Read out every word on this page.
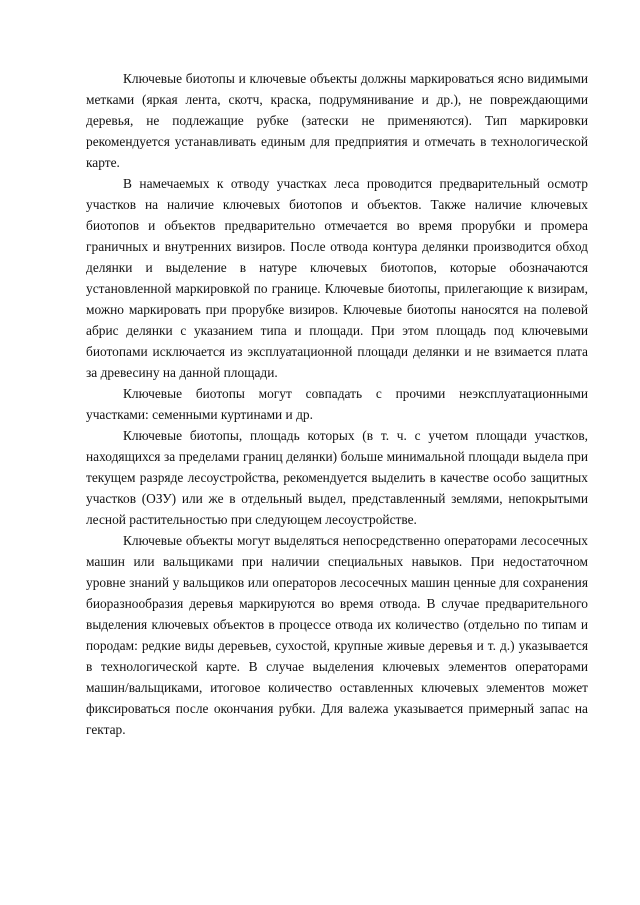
Ключевые биотопы и ключевые объекты должны маркироваться ясно видимыми метками (яркая лента, скотч, краска, подрумянивание и др.), не повреждающими деревья, не подлежащие рубке (затески не применяются). Тип маркировки рекомендуется устанавливать единым для предприятия и отмечать в технологической карте.

В намечаемых к отводу участках леса проводится предварительный осмотр участков на наличие ключевых биотопов и объектов. Также наличие ключевых биотопов и объектов предварительно отмечается во время прорубки и промера граничных и внутренних визиров. После отвода контура делянки производится обход делянки и выделение в натуре ключевых биотопов, которые обозначаются установленной маркировкой по границе. Ключевые биотопы, прилегающие к визирам, можно маркировать при прорубке визиров. Ключевые биотопы наносятся на полевой абрис делянки с указанием типа и площади. При этом площадь под ключевыми биотопами исключается из эксплуатационной площади делянки и не взимается плата за древесину на данной площади.

Ключевые биотопы могут совпадать с прочими неэксплуатационными участками: семенными куртинами и др.

Ключевые биотопы, площадь которых (в т. ч. с учетом площади участков, находящихся за пределами границ делянки) больше минимальной площади выдела при текущем разряде лесоустройства, рекомендуется выделить в качестве особо защитных участков (ОЗУ) или же в отдельный выдел, представленный землями, непокрытыми лесной растительностью при следующем лесоустройстве.

Ключевые объекты могут выделяться непосредственно операторами лесосечных машин или вальщиками при наличии специальных навыков. При недостаточном уровне знаний у вальщиков или операторов лесосечных машин ценные для сохранения биоразнообразия деревья маркируются во время отвода. В случае предварительного выделения ключевых объектов в процессе отвода их количество (отдельно по типам и породам: редкие виды деревьев, сухостой, крупные живые деревья и т. д.) указывается в технологической карте. В случае выделения ключевых элементов операторами машин/вальщиками, итоговое количество оставленных ключевых элементов может фиксироваться после окончания рубки. Для валежа указывается примерный запас на гектар.
